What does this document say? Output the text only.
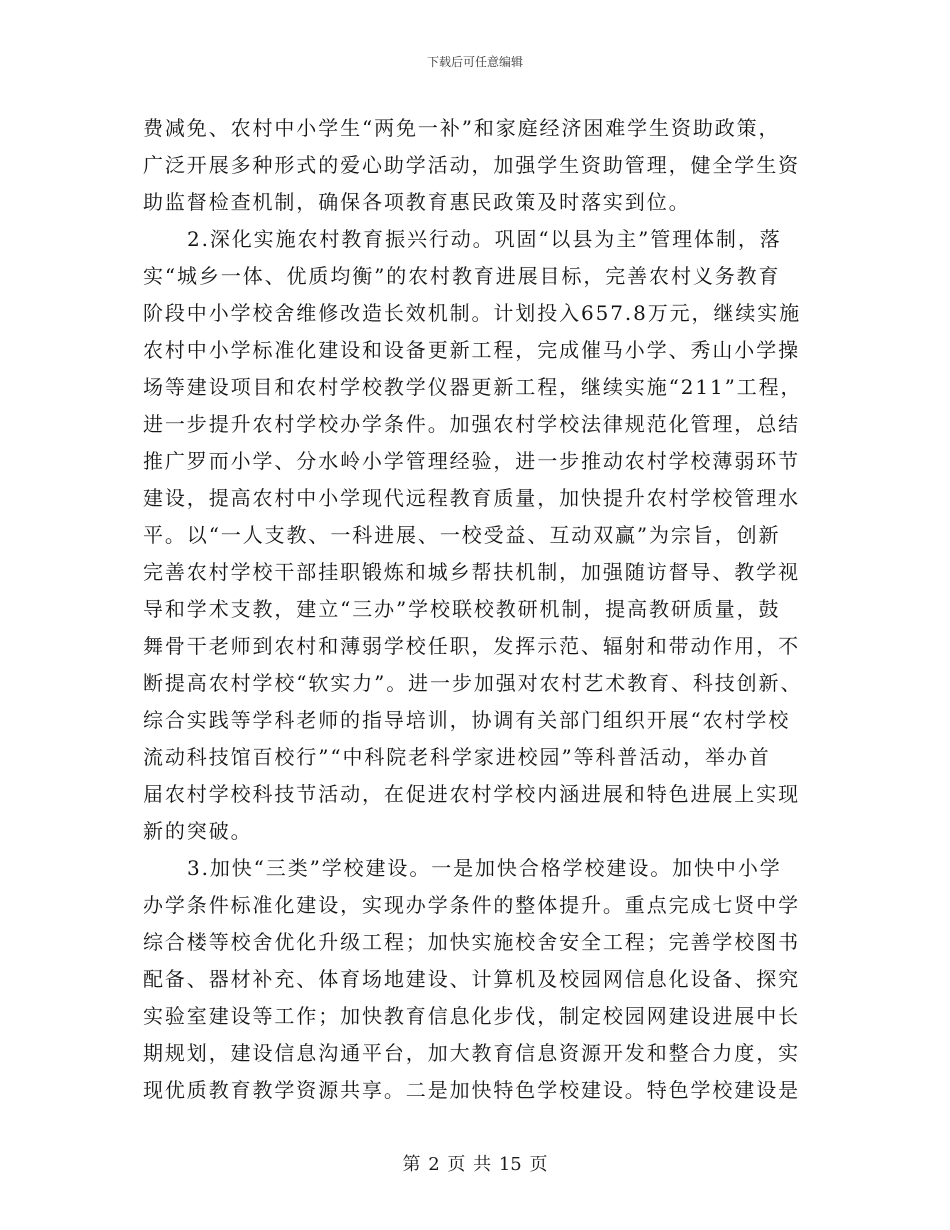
下载后可任意编辑
费减免、农村中小学生“两免一补”和家庭经济困难学生资助政策，
广泛开展多种形式的爱心助学活动，加强学生资助管理，健全学生资
助监督检查机制，确保各项教育惠民政策及时落实到位。
2.深化实施农村教育振兴行动。巩固“以县为主”管理体制，落
实“城乡一体、优质均衡”的农村教育进展目标，完善农村义务教育
阶段中小学校舍维修改造长效机制。计划投入657.8万元，继续实施
农村中小学标准化建设和设备更新工程，完成催马小学、秀山小学操
场等建设项目和农村学校教学仪器更新工程，继续实施“211”工程，
进一步提升农村学校办学条件。加强农村学校法律规范化管理，总结
推广罗而小学、分水岭小学管理经验，进一步推动农村学校薄弱环节
建设，提高农村中小学现代远程教育质量，加快提升农村学校管理水
平。以“一人支教、一科进展、一校受益、互动双赢”为宗旨，创新
完善农村学校干部挂职锻炼和城乡帮扶机制，加强随访督导、教学视
导和学术支教，建立“三办”学校联校教研机制，提高教研质量，鼓
舞骨干老师到农村和薄弱学校任职，发挥示范、辐射和带动作用，不
断提高农村学校“软实力”。进一步加强对农村艺术教育、科技创新、
综合实践等学科老师的指导培训，协调有关部门组织开展“农村学校
流动科技馆百校行”“中科院老科学家进校园”等科普活动，举办首
届农村学校科技节活动，在促进农村学校内涵进展和特色进展上实现
新的突破。
3.加快“三类”学校建设。一是加快合格学校建设。加快中小学
办学条件标准化建设，实现办学条件的整体提升。重点完成七贤中学
综合楼等校舍优化升级工程；加快实施校舍安全工程；完善学校图书
配备、器材补充、体育场地建设、计算机及校园网信息化设备、探究
实验室建设等工作；加快教育信息化步伐，制定校园网建设进展中长
期规划，建设信息沟通平台，加大教育信息资源开发和整合力度，实
现优质教育教学资源共享。二是加快特色学校建设。特色学校建设是
第 2 页 共 15 页
